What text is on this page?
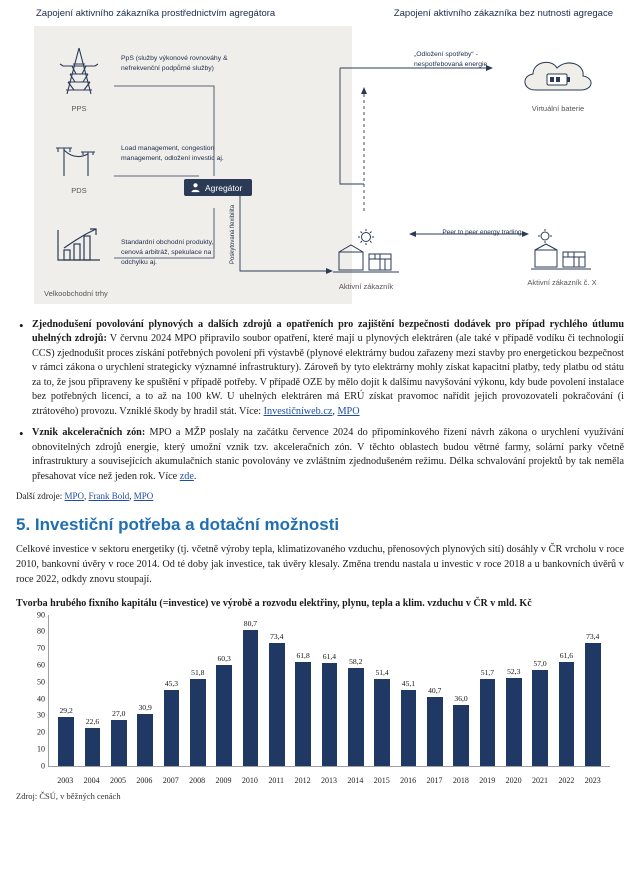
Zapojení aktivního zákazníka prostřednictvím agregátora	Zapojení aktivního zákazníka bez nutnosti agregace
Velkoobchodní trhy
PPS
PDS
PpS (služby výkonové rovnováhy & nefrekvenční podpůrné služby)
Load management, congestion management, odložení investic aj.
Standardní obchodní produkty, cenová arbitráž, spekulace na odchylku aj.
Agregátor
Poskytovaná flexibilita
Aktivní zákazník
Virtuální baterie
Aktivní zákazník č. X
„Odložení spotřeby“ - nespotřebovaná energie
Peer to peer energy trading
• Zjednodušení povolování plynových a dalších zdrojů a opatřeních pro zajištění bezpečnosti dodávek pro případ rychlého útlumu uhelných zdrojů: V červnu 2024 MPO připravilo soubor opatření, které mají u plynových elektráren (ale také v případě vodíku či technologií CCS) zjednodušit proces získání potřebných povolení při výstavbě (plynové elektrárny budou zařazeny mezi stavby pro energetickou bezpečnost v rámci zákona o urychlení strategicky významné infrastruktury). Zároveň by tyto elektrárny mohly získat kapacitní platby, tedy platbu od státu za to, že jsou připraveny ke spuštění v případě potřeby. V případě OZE by mělo dojít k dalšímu navyšování výkonu, kdy bude povolení instalace bez potřebných licencí, a to až na 100 kW. U uhelných elektráren má ERÚ získat pravomoc nařídit jejich provozovateli pokračování (i ztrátového) provozu. Vzniklé škody by hradil stát. Více: Investičníweb.cz, MPO
• Vznik akceleračních zón: MPO a MŽP poslaly na začátku července 2024 do připomínkového řízení návrh zákona o urychlení využívání obnovitelných zdrojů energie, který umožní vznik tzv. akceleračních zón. V těchto oblastech budou větrné farmy, solární parky včetně infrastruktury a souvisejících akumulačních stanic povolovány ve zvláštním zjednodušeném režimu. Délka schvalování projektů by tak neměla přesahovat více než jeden rok. Více zde.
Další zdroje: MPO, Frank Bold, MPO
5. Investiční potřeba a dotační možnosti

Celkové investice v sektoru energetiky (tj. včetně výroby tepla, klimatizovaného vzduchu, přenosových plynových sítí) dosáhly v ČR vrcholu v roce 2010, bankovní úvěry v roce 2014. Od té doby jak investice, tak úvěry klesaly. Změna trendu nastala u investic v roce 2018 a u bankovních úvěrů v roce 2022, odkdy znovu stoupají.

Tvorba hrubého fixního kapitálu (=investice) ve výrobě a rozvodu elektřiny, plynu, tepla a klim. vzduchu v ČR v mld. Kč
29,2
22,6
27,0
30,9
45,3
51,8
60,3
80,7
73,4
61,8 61,4
58,2
51,4
45,1
40,7
36,0
51,7 52,3
57,0
61,6
73,4
0
10
20
30
40
50
60
70
80
90
2003	2004	2005	2006	2007	2008	2009	2010	2011	2012	2013	2014	2015	2016	2017	2018	2019	2020	2021	2022	2023
Zdroj: ČSÚ, v běžných cenách
